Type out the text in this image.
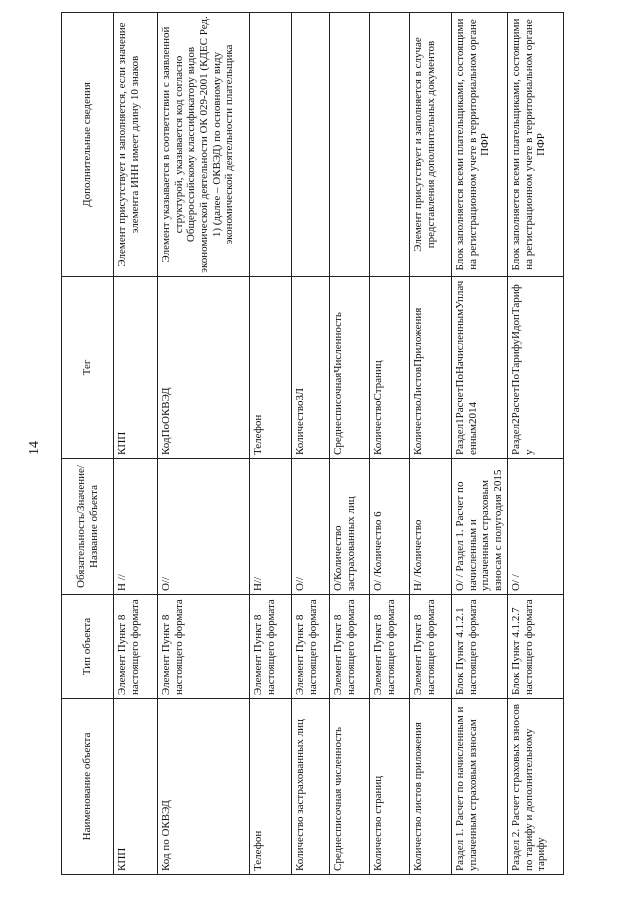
14
Наименование объекта	Тип объекта	Обязательность/Значение/Название объекта	Тег	Дополнительные сведения
КПП	Элемент Пункт 8 настоящего формата	Н //	КПП	Элемент присутствует и заполняется, если значение элемента ИНН имеет длину 10 знаков
Код по ОКВЭД	Элемент Пункт 8 настоящего формата	О//	КодПоОКВЭД	Элемент указывается в соответствии с заявленной структурой, указывается код согласно Общероссийскому классификатору видов экономической деятельности ОК 029-2001 (КДЕС Ред. 1) (далее – ОКВЭД) по основному виду экономической деятельности плательщика
Телефон	Элемент Пункт 8 настоящего формата	Н//	Телефон	
Количество застрахованных лиц	Элемент Пункт 8 настоящего формата	О//	КоличествоЗЛ	
Среднесписочная численность	Элемент Пункт 8 настоящего формата	О/Количество застрахованных лиц	СреднесписочнаяЧисленность	
Количество страниц	Элемент Пункт 8 настоящего формата	О/ /Количество 6	КоличествоСтраниц	
Количество листов приложения	Элемент Пункт 8 настоящего формата	Н/ /Количество	КоличествоЛистовПриложения	Элемент присутствует и заполняется в случае представления дополнительных документов
Раздел 1. Расчет по начисленным и уплаченным страховым взносам	Блок Пункт 4.1.2.1 настоящего формата	О/ / Раздел 1. Расчет по начисленным и уплаченным страховым взносам с полугодия 2015	Раздел1РасчетПоНачисленнымУплаченным2014	Блок заполняется всеми плательщиками, состоящими на регистрационном учете в территориальном органе ПФР
Раздел 2. Расчет страховых взносов по тарифу и дополнительному тарифу	Блок Пункт 4.1.2.7 настоящего формата	О/ /	Раздел2РасчетПоТарифуИдопТарифу	Блок заполняется всеми плательщиками, состоящими на регистрационном учете в территориальном органе ПФР
